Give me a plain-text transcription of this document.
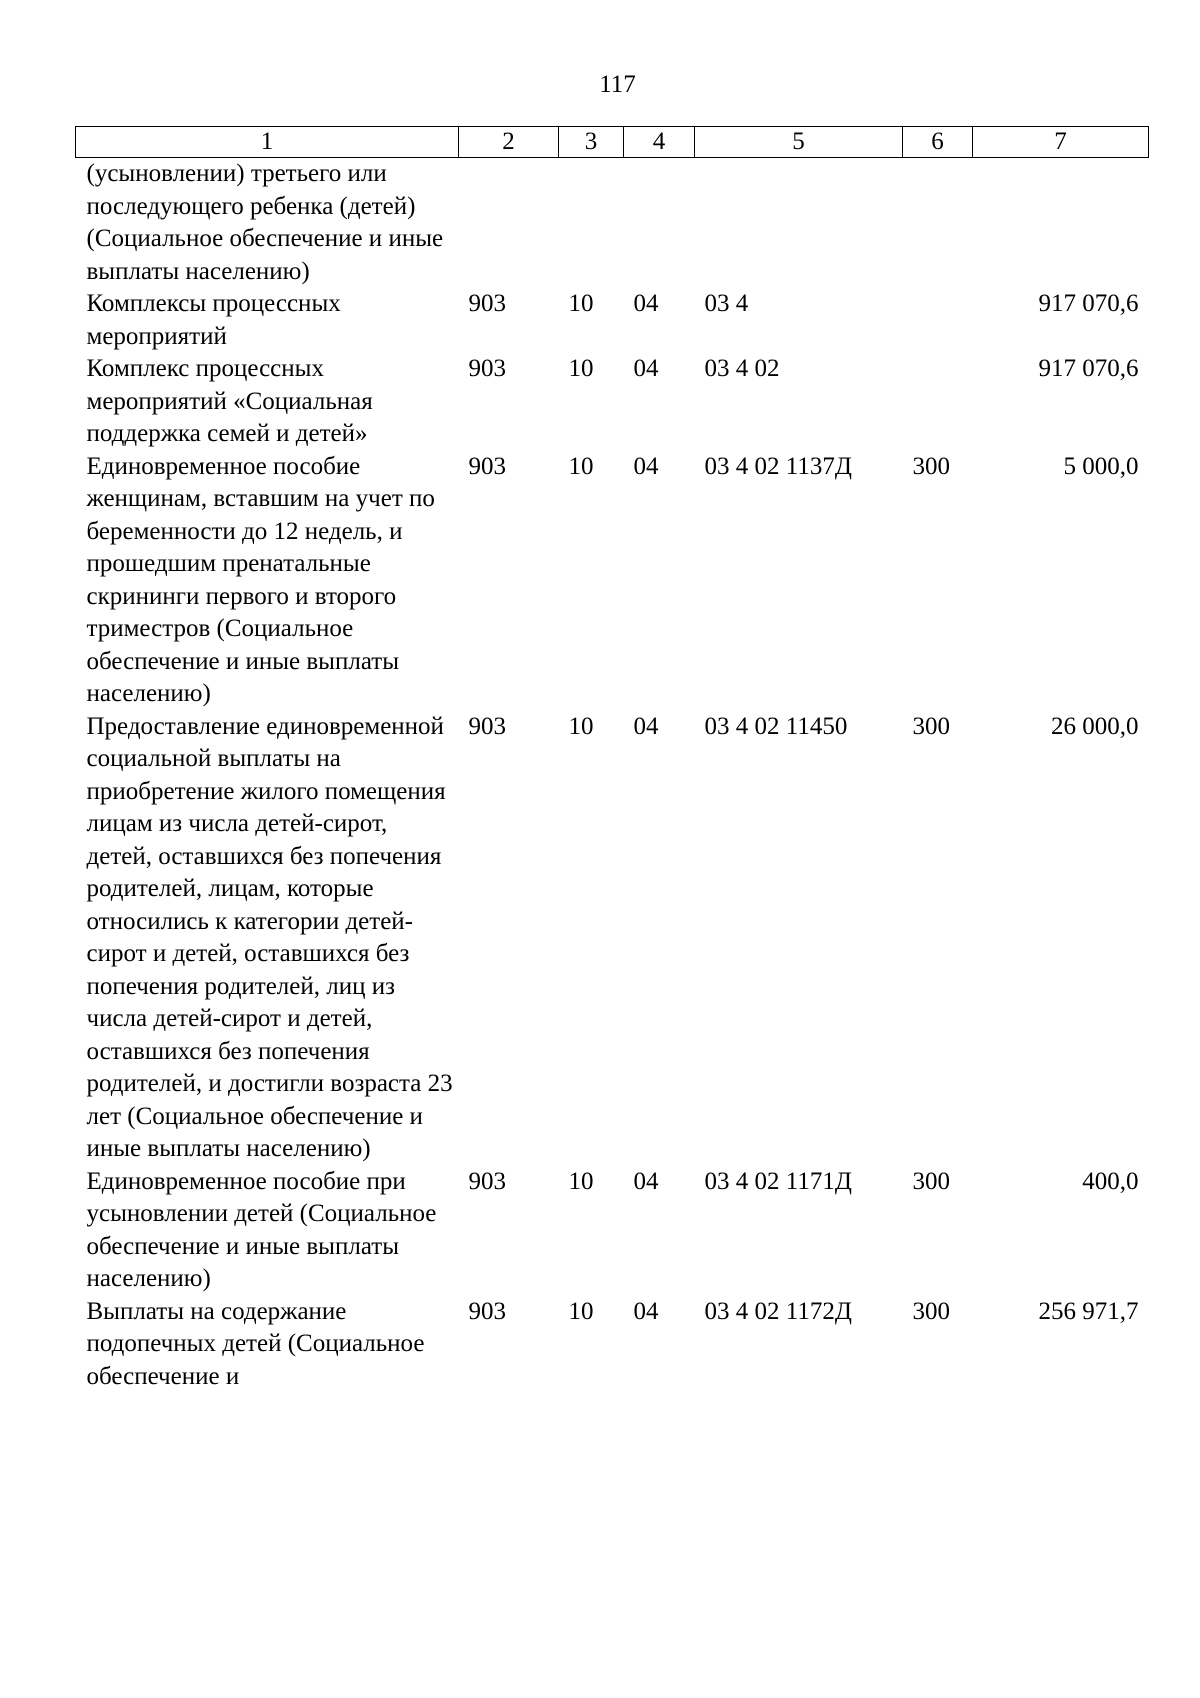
117
1	2	3	4	5	6	7
(усыновлении) третьего или последующего ребенка (детей) (Социальное обеспечение и иные выплаты населению)						
Комплексы процессных мероприятий	903	10	04	03 4		917 070,6
Комплекс процессных мероприятий «Социальная поддержка семей и детей»	903	10	04	03 4 02		917 070,6
Единовременное пособие женщинам, вставшим на учет по беременности до 12 недель, и прошедшим пренатальные скрининги первого и второго триместров (Социальное обеспечение и иные выплаты населению)	903	10	04	03 4 02 1137Д	300	5 000,0
Предоставление единовременной социальной выплаты на приобретение жилого помещения лицам из числа детей-сирот, детей, оставшихся без попечения родителей, лицам, которые относились к категории детей-сирот и детей, оставшихся без попечения родителей, лиц из числа детей-сирот и детей, оставшихся без попечения родителей, и достигли возраста 23 лет (Социальное обеспечение и иные выплаты населению)	903	10	04	03 4 02 11450	300	26 000,0
Единовременное пособие при усыновлении детей (Социальное обеспечение и иные выплаты населению)	903	10	04	03 4 02 1171Д	300	400,0
Выплаты на содержание подопечных детей (Социальное обеспечение и	903	10	04	03 4 02 1172Д	300	256 971,7
